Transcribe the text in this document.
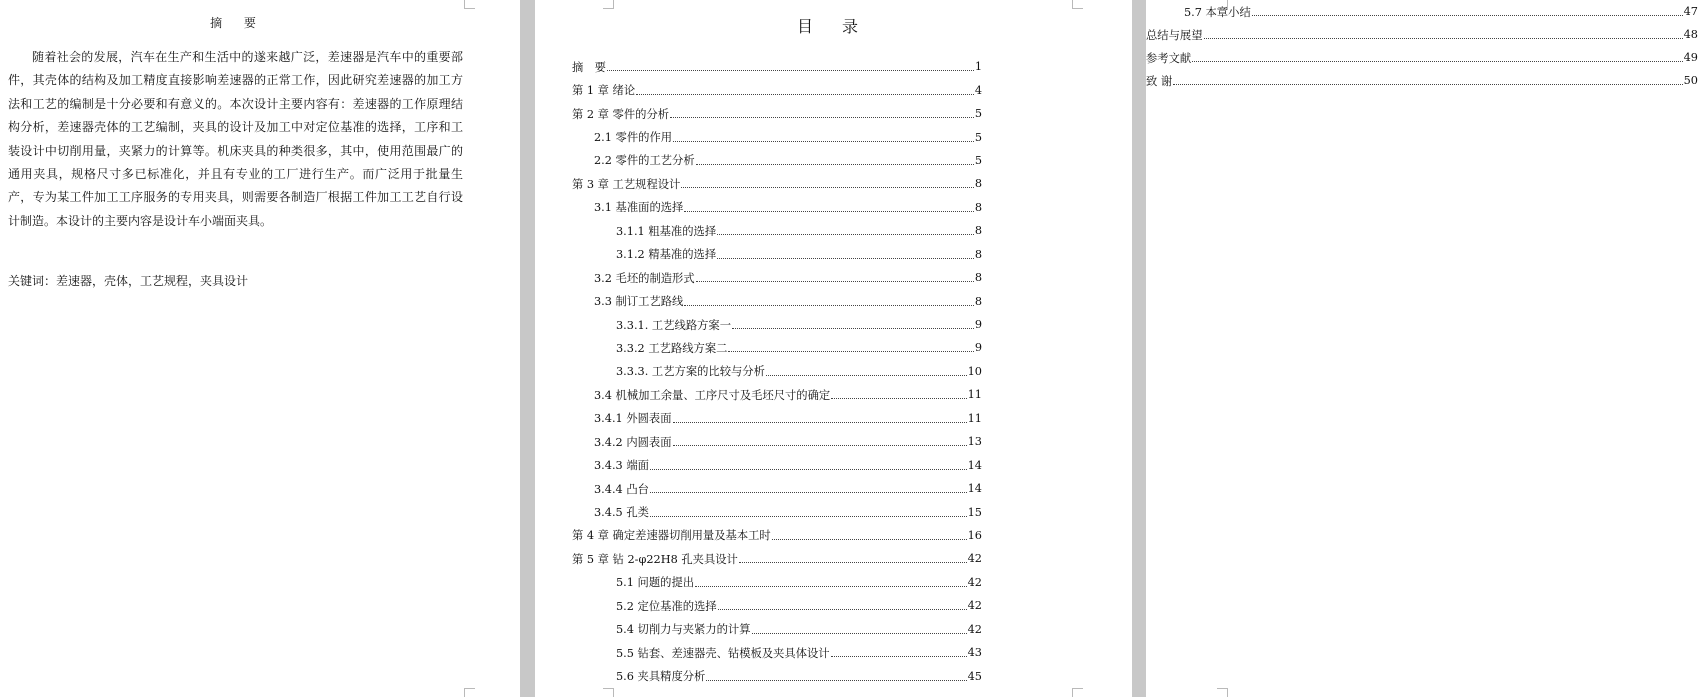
摘 要

随着社会的发展，汽车在生产和生活中的遂来越广泛，差速器是汽车中的重要部件，其壳体的结构及加工精度直接影响差速器的正常工作，因此研究差速器的加工方法和工艺的编制是十分必要和有意义的。本次设计主要内容有：差速器的工作原理结构分析，差速器壳体的工艺编制，夹具的设计及加工中对定位基准的选择，工序和工装设计中切削用量，夹紧力的计算等。机床夹具的种类很多，其中，使用范围最广的通用夹具，规格尺寸多已标准化，并且有专业的工厂进行生产。而广泛用于批量生产，专为某工件加工工序服务的专用夹具，则需要各制造厂根据工件加工工艺自行设计制造。本设计的主要内容是设计车小端面夹具。

关键词：差速器，壳体，工艺规程，夹具设计
目 录
摘　要	1
第 1 章 绪论	4
第 2 章 零件的分析	5
2.1 零件的作用	5
2.2 零件的工艺分析	5
第 3 章 工艺规程设计	8
3.1 基准面的选择	8
3.1.1 粗基准的选择	8
3.1.2 精基准的选择	8
3.2 毛坯的制造形式	8
3.3 制订工艺路线	8
3.3.1. 工艺线路方案一	9
3.3.2 工艺路线方案二	9
3.3.3. 工艺方案的比较与分析	10
3.4 机械加工余量、工序尺寸及毛坯尺寸的确定	11
3.4.1 外圆表面	11
3.4.2 内圆表面	13
3.4.3 端面	14
3.4.4 凸台	14
3.4.5 孔类	15
第 4 章 确定差速器切削用量及基本工时	16
第 5 章 钻 2-φ22H8 孔夹具设计	42
5.1 问题的提出	42
5.2 定位基准的选择	42
5.4 切削力与夹紧力的计算	42
5.5 钻套、差速器壳、钻模板及夹具体设计	43
5.6 夹具精度分析	45
5.7 本章小结	47
总结与展望	48
参考文献	49
致 谢	50
